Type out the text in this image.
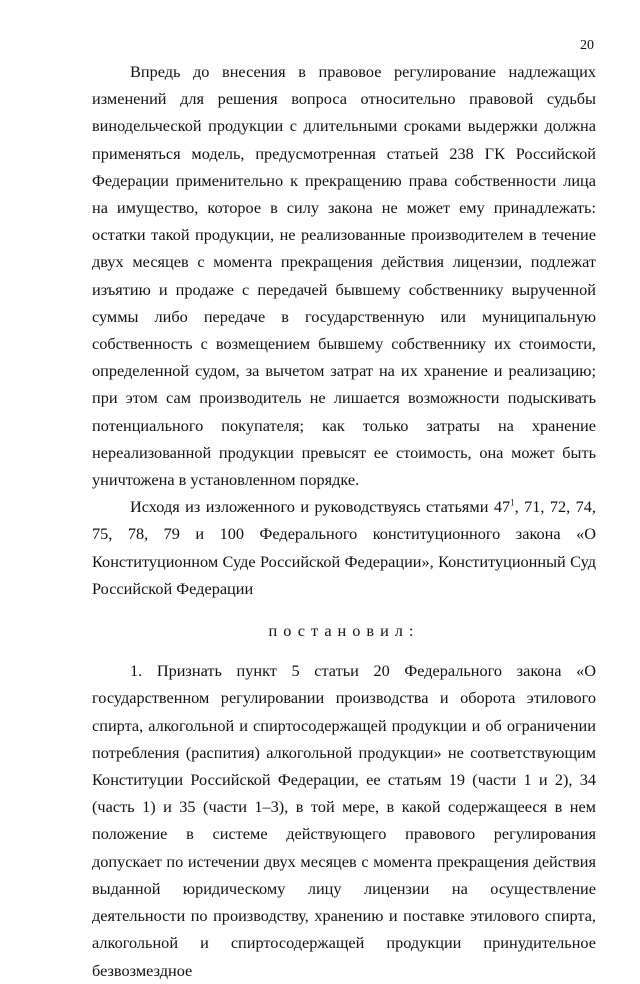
20

Впредь до внесения в правовое регулирование надлежащих изменений для решения вопроса относительно правовой судьбы винодельческой продукции с длительными сроками выдержки должна применяться модель, предусмотренная статьей 238 ГК Российской Федерации применительно к прекращению права собственности лица на имущество, которое в силу закона не может ему принадлежать: остатки такой продукции, не реализованные производителем в течение двух месяцев с момента прекращения действия лицензии, подлежат изъятию и продаже с передачей бывшему собственнику вырученной суммы либо передаче в государственную или муниципальную собственность с возмещением бывшему собственнику их стоимости, определенной судом, за вычетом затрат на их хранение и реализацию; при этом сам производитель не лишается возможности подыскивать потенциального покупателя; как только затраты на хранение нереализованной продукции превысят ее стоимость, она может быть уничтожена в установленном порядке.

Исходя из изложенного и руководствуясь статьями $47^1$, 71, 72, 74, 75, 78, 79 и 100 Федерального конституционного закона «О Конституционном Суде Российской Федерации», Конституционный Суд Российской Федерации

постановил:

1. Признать пункт 5 статьи 20 Федерального закона «О государственном регулировании производства и оборота этилового спирта, алкогольной и спиртосодержащей продукции и об ограничении потребления (распития) алкогольной продукции» не соответствующим Конституции Российской Федерации, ее статьям 19 (части 1 и 2), 34 (часть 1) и 35 (части 1–3), в той мере, в какой содержащееся в нем положение в системе действующего правового регулирования допускает по истечении двух месяцев с момента прекращения действия выданной юридическому лицу лицензии на осуществление деятельности по производству, хранению и поставке этилового спирта, алкогольной и спиртосодержащей продукции принудительное безвозмездное
